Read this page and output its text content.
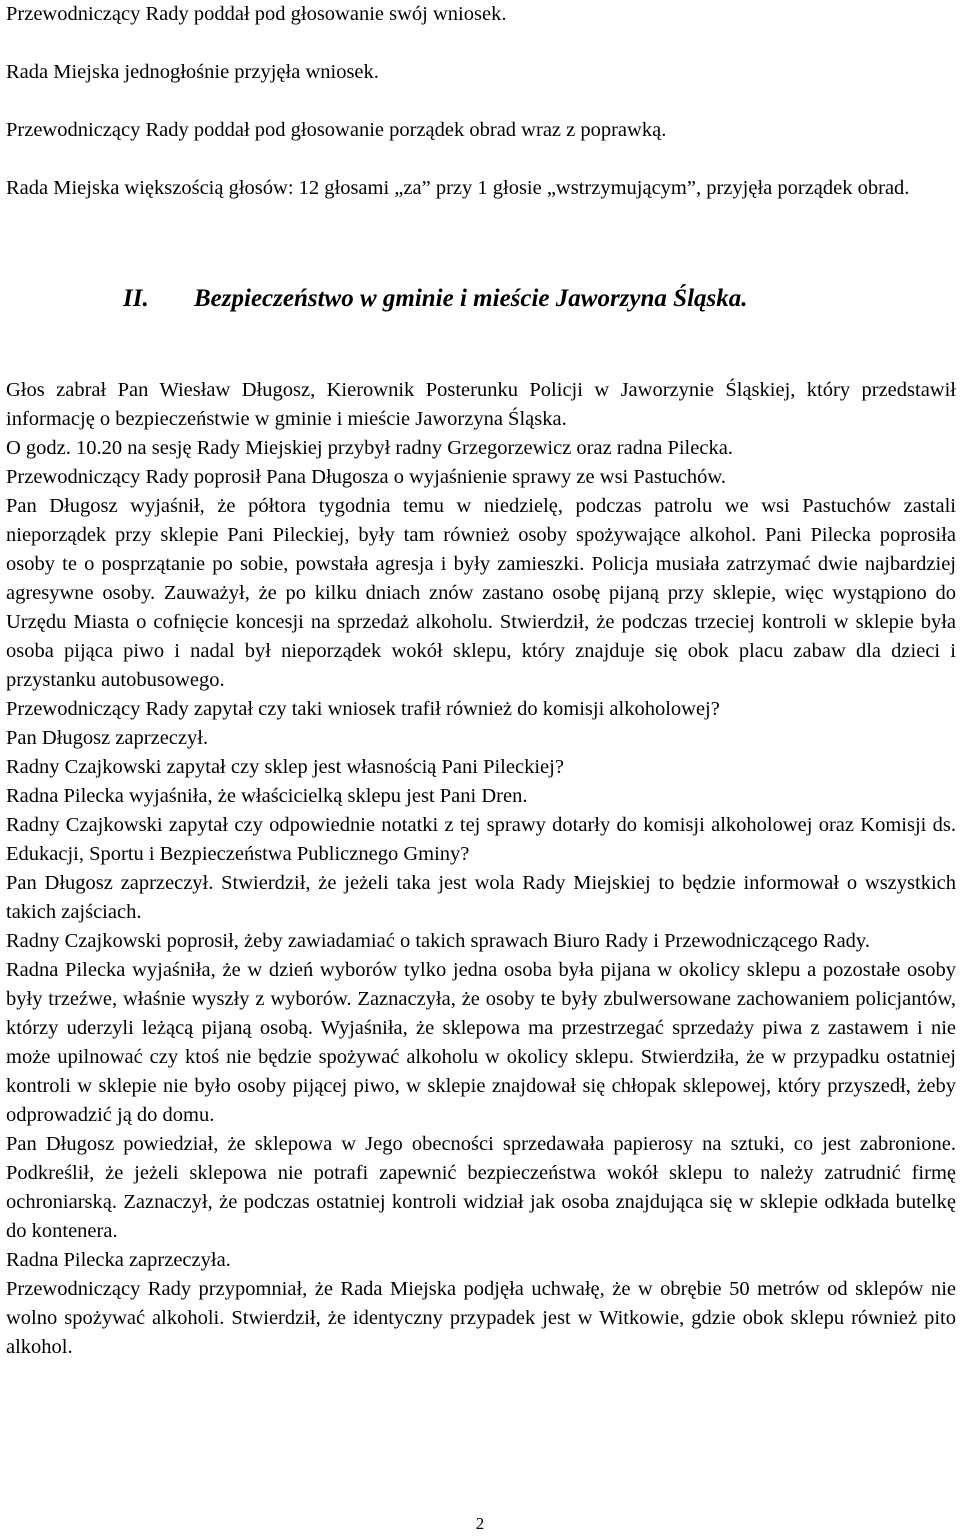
Przewodniczący Rady poddał pod głosowanie swój wniosek.

Rada Miejska jednogłośnie przyjęła wniosek.

Przewodniczący Rady poddał pod głosowanie porządek obrad wraz z poprawką.

Rada Miejska większością głosów: 12 głosami „za” przy 1 głosie „wstrzymującym”, przyjęła porządek obrad.

II. Bezpieczeństwo w gminie i mieście Jaworzyna Śląska.

Głos zabrał Pan Wiesław Długosz, Kierownik Posterunku Policji w Jaworzynie Śląskiej, który przedstawił informację o bezpieczeństwie w gminie i mieście Jaworzyna Śląska.

O godz. 10.20 na sesję Rady Miejskiej przybył radny Grzegorzewicz oraz radna Pilecka.

Przewodniczący Rady poprosił Pana Długosza o wyjaśnienie sprawy ze wsi Pastuchów.

Pan Długosz wyjaśnił, że półtora tygodnia temu w niedzielę, podczas patrolu we wsi Pastuchów zastali nieporządek przy sklepie Pani Pileckiej, były tam również osoby spożywające alkohol. Pani Pilecka poprosiła osoby te o posprzątanie po sobie, powstała agresja i były zamieszki. Policja musiała zatrzymać dwie najbardziej agresywne osoby. Zauważył, że po kilku dniach znów zastano osobę pijaną przy sklepie, więc wystąpiono do Urzędu Miasta o cofnięcie koncesji na sprzedaż alkoholu. Stwierdził, że podczas trzeciej kontroli w sklepie była osoba pijąca piwo i nadal był nieporządek wokół sklepu, który znajduje się obok placu zabaw dla dzieci i przystanku autobusowego.

Przewodniczący Rady zapytał czy taki wniosek trafił również do komisji alkoholowej?

Pan Długosz zaprzeczył.

Radny Czajkowski zapytał czy sklep jest własnością Pani Pileckiej?

Radna Pilecka wyjaśniła, że właścicielką sklepu jest Pani Dren.

Radny Czajkowski zapytał czy odpowiednie notatki z tej sprawy dotarły do komisji alkoholowej oraz Komisji ds. Edukacji, Sportu i Bezpieczeństwa Publicznego Gminy?

Pan Długosz zaprzeczył. Stwierdził, że jeżeli taka jest wola Rady Miejskiej to będzie informował o wszystkich takich zajściach.

Radny Czajkowski poprosił, żeby zawiadamiać o takich sprawach Biuro Rady i Przewodniczącego Rady.

Radna Pilecka wyjaśniła, że w dzień wyborów tylko jedna osoba była pijana w okolicy sklepu a pozostałe osoby były trzeźwe, właśnie wyszły z wyborów. Zaznaczyła, że osoby te były zbulwersowane zachowaniem policjantów, którzy uderzyli leżącą pijaną osobą. Wyjaśniła, że sklepowa ma przestrzegać sprzedaży piwa z zastawem i nie może upilnować czy ktoś nie będzie spożywać alkoholu w okolicy sklepu. Stwierdziła, że w przypadku ostatniej kontroli w sklepie nie było osoby pijącej piwo, w sklepie znajdował się chłopak sklepowej, który przyszedł, żeby odprowadzić ją do domu.

Pan Długosz powiedział, że sklepowa w Jego obecności sprzedawała papierosy na sztuki, co jest zabronione. Podkreślił, że jeżeli sklepowa nie potrafi zapewnić bezpieczeństwa wokół sklepu to należy zatrudnić firmę ochroniarską. Zaznaczył, że podczas ostatniej kontroli widział jak osoba znajdująca się w sklepie odkłada butelkę do kontenera.

Radna Pilecka zaprzeczyła.

Przewodniczący Rady przypomniał, że Rada Miejska podjęła uchwałę, że w obrębie 50 metrów od sklepów nie wolno spożywać alkoholi. Stwierdził, że identyczny przypadek jest w Witkowie, gdzie obok sklepu również pito alkohol.

2
